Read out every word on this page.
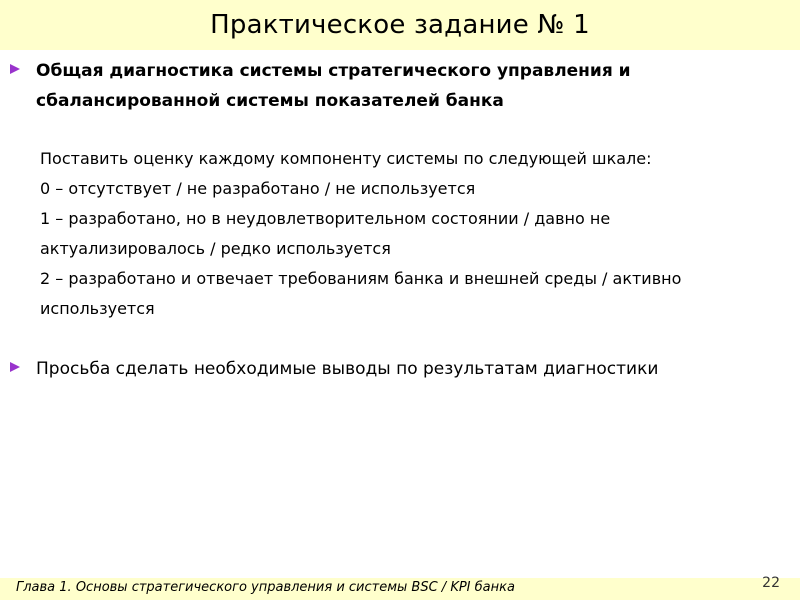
Практическое задание № 1
Общая диагностика системы стратегического управления и сбалансированной системы показателей банка
Поставить оценку каждому компоненту системы по следующей шкале:
0 – отсутствует / не разработано / не используется
1 – разработано, но в неудовлетворительном состоянии / давно не
актуализировалось / редко используется
2 – разработано и отвечает требованиям банка и внешней среды / активно
используется
Просьба сделать необходимые выводы по результатам диагностики
Глава 1. Основы стратегического управления и системы BSC / KPI банка	22
